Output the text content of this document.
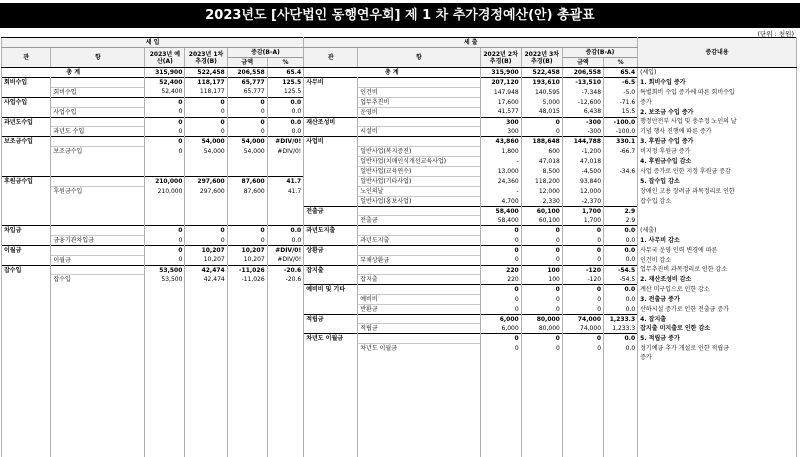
2023년도 [사단법인 동행연우회] 제 1 차 추가경정예산(안) 총괄표
(단위 : 천원)
세 입						세 출						증감내용
관	항	2023년 예산(A)	2023년 1차추경(B)	증감(B-A)		관	항	2022년 2차추경(B)	2022년 3차추경(B)	증감(B-A)		
				금액	%					금액	%	
총 계		315,900	522,458	206,558	65.4	총 계		315,900	522,458	206,558	65.4	(세입)
회비수입		52,400	118,177	65,777	125.5	사무비		207,120	193,610	-13,510	-6.5	1. 회비수입 증가
	회비수입	52,400	118,177	65,777	125.5		인건비	147,948	140,595	-7,348	-5.0	특별회비 수입 증가에 따른 회비수입
사업수입		0	0	0	0.0		업무추진비	17,600	5,000	-12,600	-71.6	증가
	사업수입	0	0	0	0.0		운영비	41,577	48,015	6,438	15.5	2. 보조금 수입 증가
과년도수입		0	0	0	0.0	재산조성비		300	0	-300	-100.0	행정안전부 사업 및 충주정 노인의 날
	과년도 수입	0	0	0	0.0		시설비	300	0	-300	-100.0	기념 행사 진행에 따른 증가
보조금수입		0	54,000	54,000	#DIV/0!	사업비		43,860	188,648	144,788	330.1	3. 후원금 수입 증가
	보조금수입	0	54,000	54,000	#DIV/0!		일반사업(복지증진)	1,800	600	-1,200	-66.7	비지정 후원금 증가
							일반사업(치매인식개선교육사업)	-	47,018	47,018		4. 후원금수입 감소
							일반사업(교육연수)	13,000	8,500	-4,500	-34.6	사업 증가로 인한 지정 후원금 증감
후원금수입		210,000	297,600	87,600	41.7		일반사업(기타사업)	24,360	118,200	93,840		5. 잡수입 감소
	후원금수입	210,000	297,600	87,600	41.7		노인의날	-	12,000	12,000		장애인 고용 장려금 과목정리로 인한
							일반사업(홍보사업)	4,700	2,330	-2,370		잡수입 감소
						전출금		58,400	60,100	1,700	2.9	
							전출금	58,400	60,100	1,700	2.9	
차입금		0	0	0	0.0	과년도지출		0	0	0	0.0	(세출)
	금융기관차입금	0	0	0	0.0		과년도지출	0	0	0	0.0	1. 사무비 감소
이월금		0	10,207	10,207	#DIV/0!	상환금		0	0	0	0.0	사무국 운영 인력 변경에 따른
	이월금	0	10,207	10,207	#DIV/0!		부채상환금	0	0	0	0.0	인건비 감소
잡수입		53,500	42,474	-11,026	-20.6	잡지출		220	100	-120	-54.5	업무추진비 과목정리로 인한 감소
	잡수입	53,500	42,474	-11,026	-20.6		잡지출	220	100	-120	-54.5	2. 재산조성비 감소
						예비비 및 기타		0	0	0	0.0	계산 미구입으로 인한 감소
							예비비	0	0	0	0.0	3. 전출금 증가
							반환금	0	0	0	0.0	산하시설 증가로 인한 전출금 증가
						적립금		6,000	80,000	74,000	1,233.3	4. 잡지출
							적립금	6,000	80,000	74,000	1,233.3	잡지출 미지출로 인한 감소
						차년도 이월금		0	0	0	0.0	5. 적립금 증가
							차년도 이월금	0	0	0	0.0	정기예금 추가 개설로 인한 적립금
												증가
